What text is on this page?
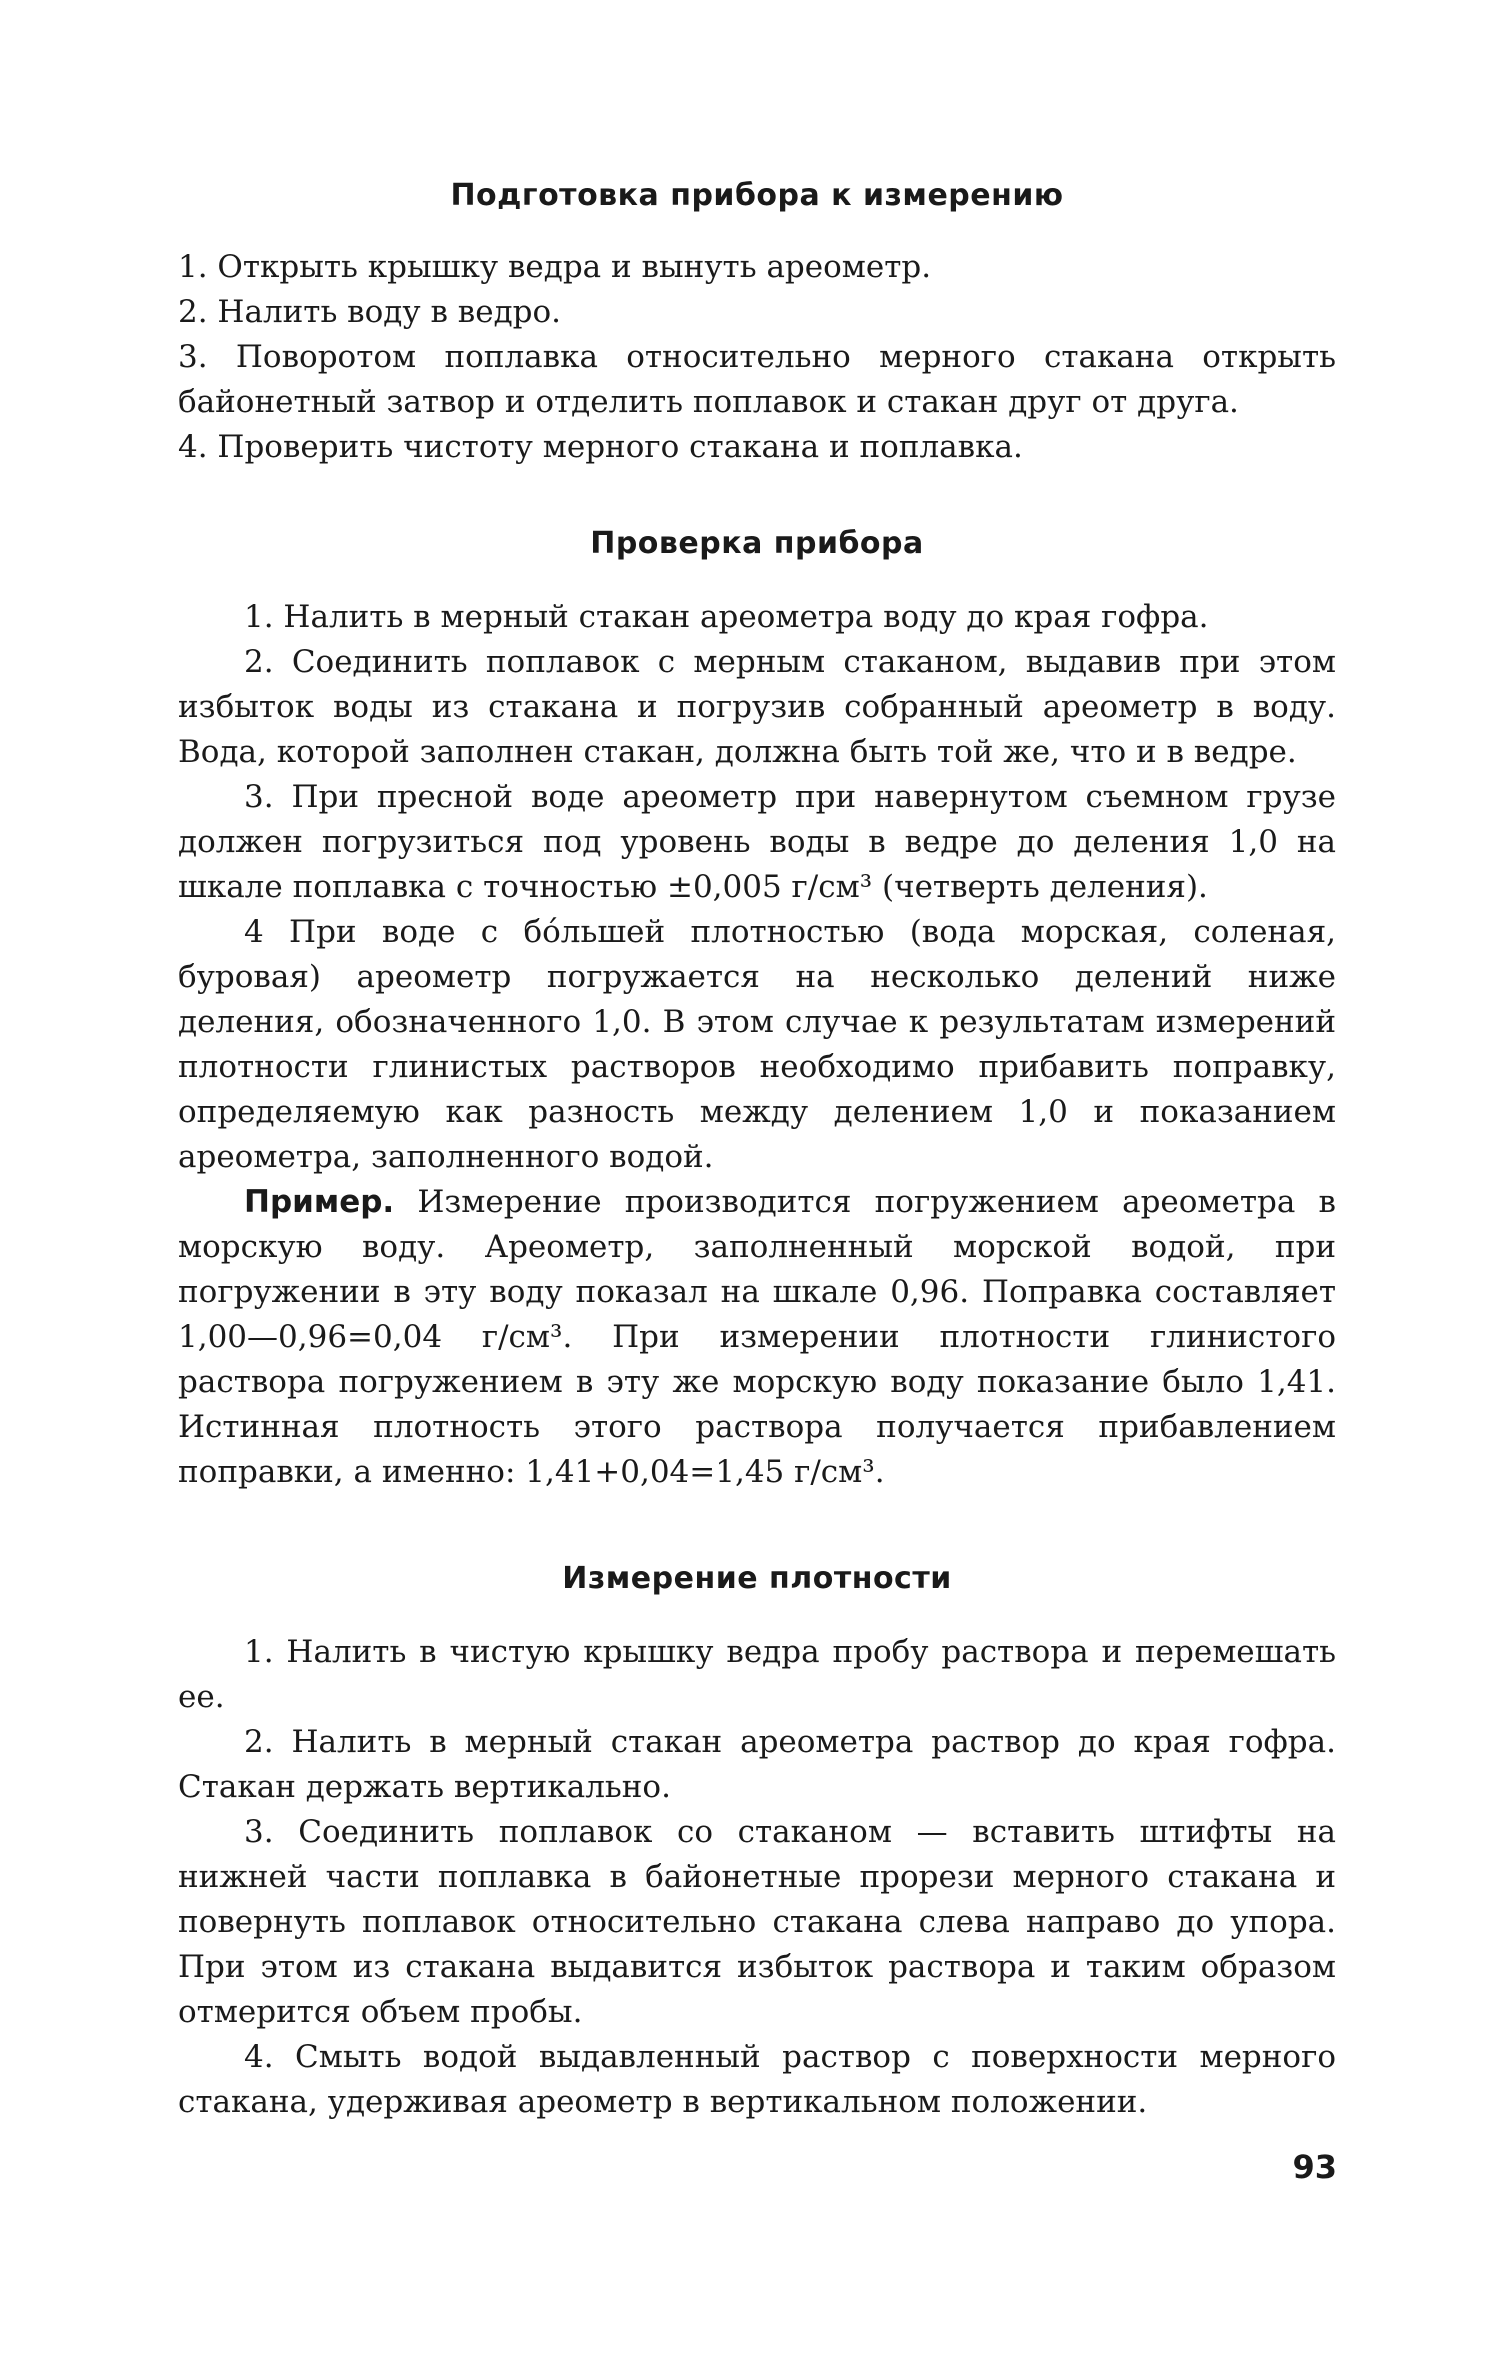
Подготовка прибора к измерению

1. Открыть крышку ведра и вынуть ареометр.

2. Налить воду в ведро.

3. Поворотом поплавка относительно мерного стакана открыть байонетный затвор и отделить поплавок и стакан друг от друга.

4. Проверить чистоту мерного стакана и поплавка.

Проверка прибора

1. Налить в мерный стакан ареометра воду до края гофра.

2. Соединить поплавок с мерным стаканом, выдавив при этом избыток воды из стакана и погрузив собранный ареометр в воду. Вода, которой заполнен стакан, должна быть той же, что и в ведре.

3. При пресной воде ареометр при навернутом съемном грузе должен погрузиться под уровень воды в ведре до деления 1,0 на шкале поплавка с точностью ±0,005 г/см³ (четверть деления).

4 При воде с бóльшей плотностью (вода морская, соленая, буровая) ареометр погружается на несколько делений ниже деления, обозначенного 1,0. В этом случае к результатам измерений плотности глинистых растворов необходимо прибавить поправку, определяемую как разность между делением 1,0 и показанием ареометра, заполненного водой.

Пример. Измерение производится погружением ареометра в морскую воду. Ареометр, заполненный морской водой, при погружении в эту воду показал на шкале 0,96. Поправка составляет 1,00—0,96=0,04 г/см³. При измерении плотности глинистого раствора погружением в эту же морскую воду показание было 1,41. Истинная плотность этого раствора получается прибавлением поправки, а именно: 1,41+0,04=1,45 г/см³.

Измерение плотности

1. Налить в чистую крышку ведра пробу раствора и перемешать ее.

2. Налить в мерный стакан ареометра раствор до края гофра. Стакан держать вертикально.

3. Соединить поплавок со стаканом — вставить штифты на нижней части поплавка в байонетные прорези мерного стакана и повернуть поплавок относительно стакана слева направо до упора. При этом из стакана выдавится избыток раствора и таким образом отмерится объем пробы.

4. Смыть водой выдавленный раствор с поверхности мерного стакана, удерживая ареометр в вертикальном положении.

93
